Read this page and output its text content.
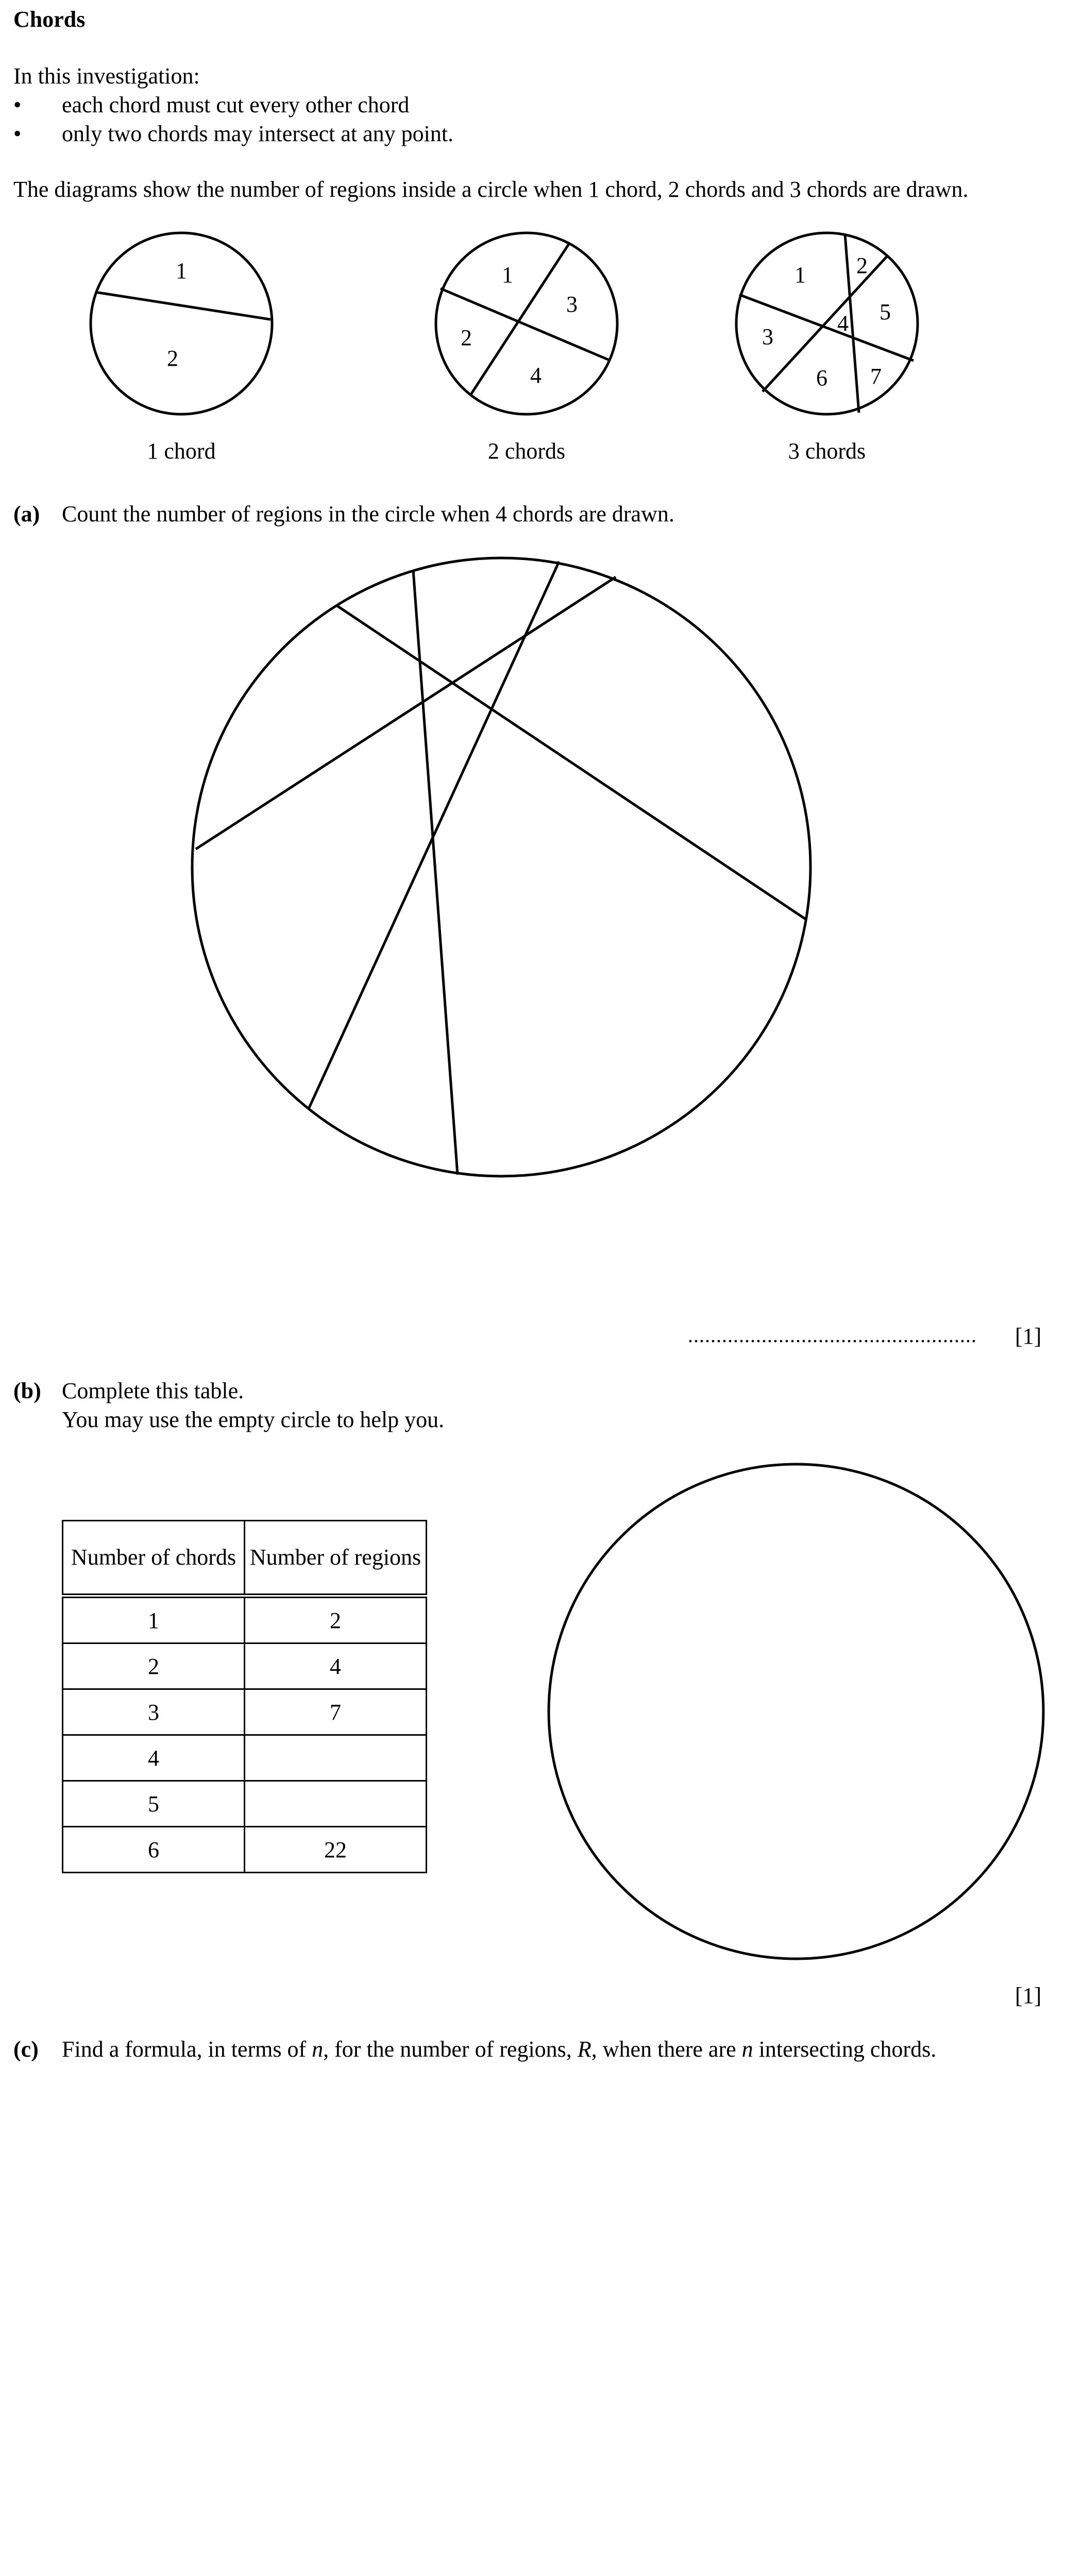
Chords
In this investigation:
• each chord must cut every other chord
• only two chords may intersect at any point.
The diagrams show the number of regions inside a circle when 1 chord, 2 chords and 3 chords are drawn.
1
2
1
2
3
4
1 2
3
4 5
6 7
1 chord	2 chords	3 chords
(a) Count the number of regions in the circle when 4 chords are drawn.
................................................... [1]
(b) Complete this table.
You may use the empty circle to help you.
Number of chords	Number of regions
1	2
2	4
3	7
4	
5	
6	22
[1]
(c) Find a formula, in terms of n, for the number of regions, R, when there are n intersecting chords.
